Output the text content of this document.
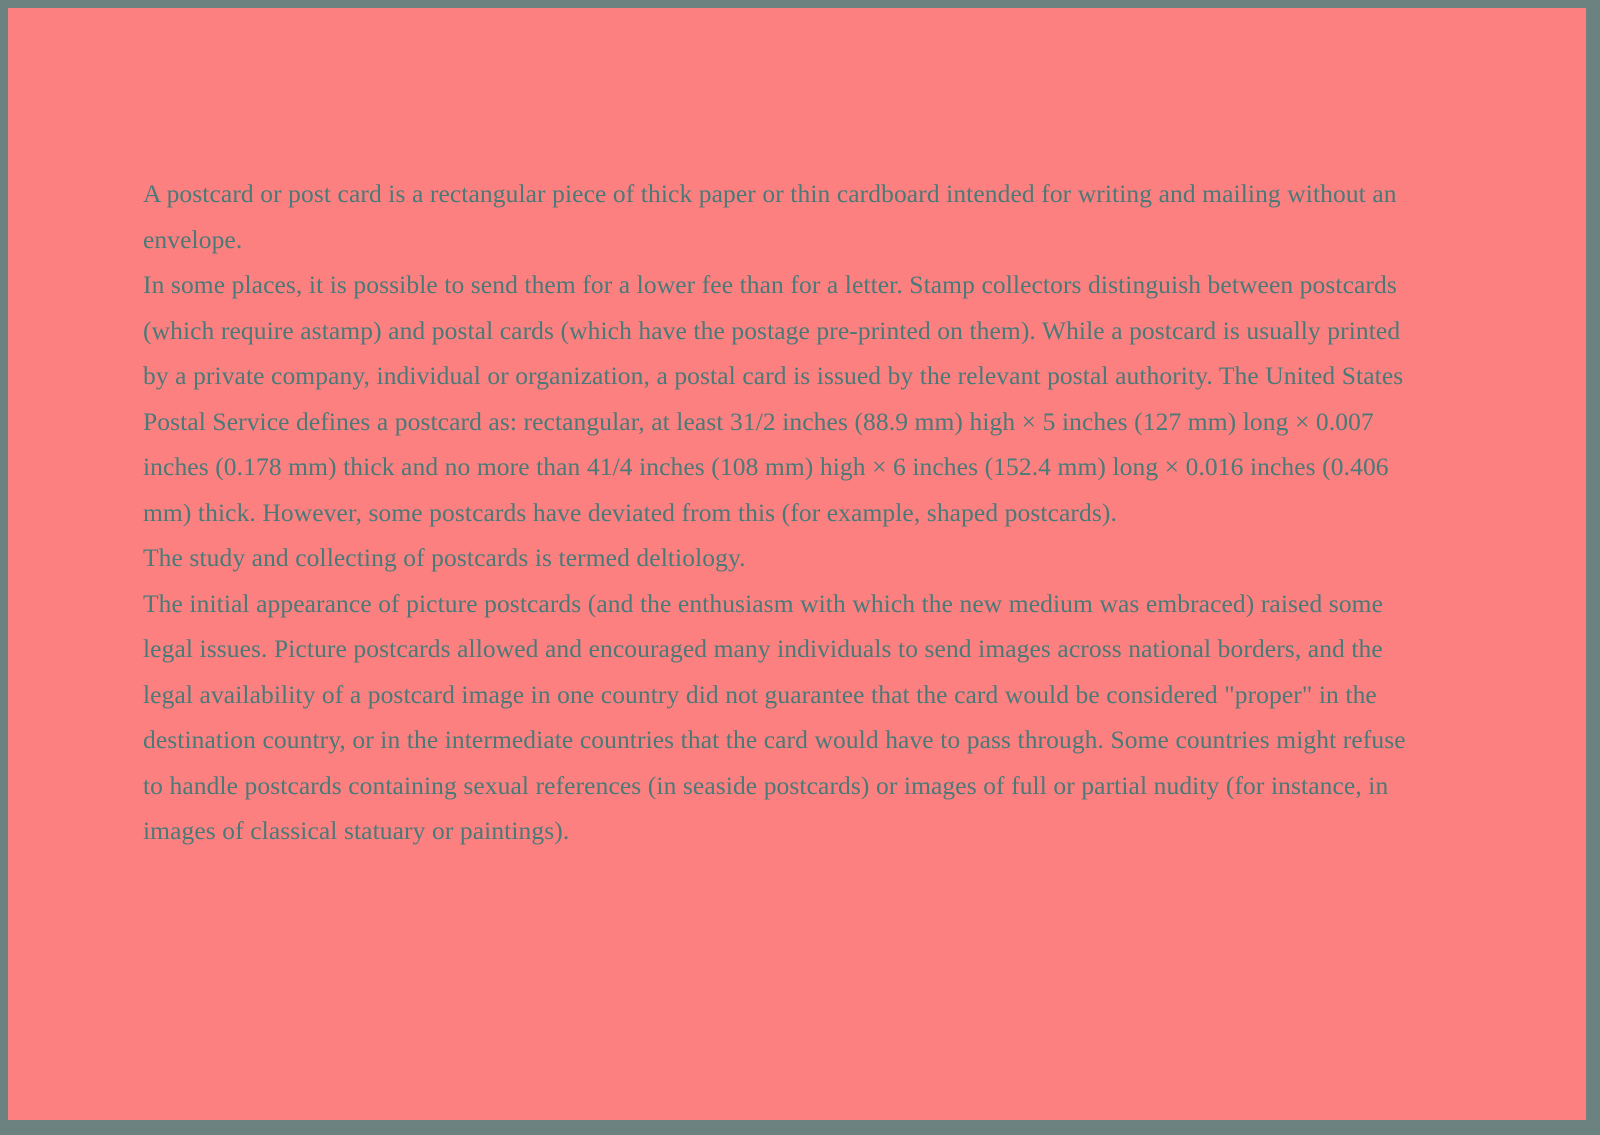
A postcard or post card is a rectangular piece of thick paper or thin cardboard intended for writing and mailing without an envelope.

In some places, it is possible to send them for a lower fee than for a letter. Stamp collectors distinguish between postcards (which require astamp) and postal cards (which have the postage pre-printed on them). While a postcard is usually printed by a private company, individual or organization, a postal card is issued by the relevant postal authority. The United States Postal Service defines a postcard as: rectangular, at least 31/2 inches (88.9 mm) high × 5 inches (127 mm) long × 0.007 inches (0.178 mm) thick and no more than 41/4 inches (108 mm) high × 6 inches (152.4 mm) long × 0.016 inches (0.406 mm) thick. However, some postcards have deviated from this (for example, shaped postcards).

The study and collecting of postcards is termed deltiology.

The initial appearance of picture postcards (and the enthusiasm with which the new medium was embraced) raised some legal issues. Picture postcards allowed and encouraged many individuals to send images across national borders, and the legal availability of a postcard image in one country did not guarantee that the card would be considered "proper" in the destination country, or in the intermediate countries that the card would have to pass through. Some countries might refuse to handle postcards containing sexual references (in seaside postcards) or images of full or partial nudity (for instance, in images of classical statuary or paintings).
